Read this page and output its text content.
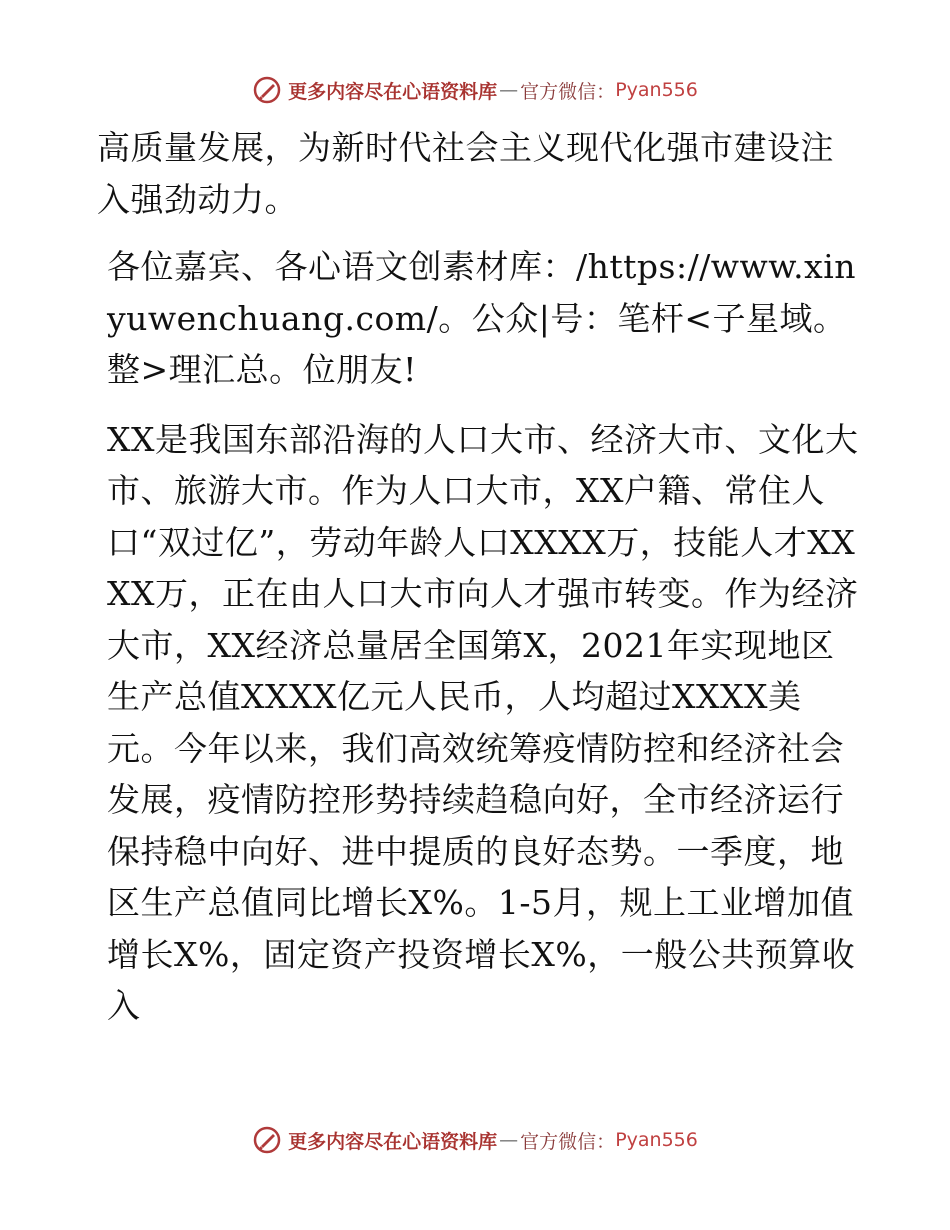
更多内容尽在心语资料库 — 官方微信： Pyan556

高质量发展，为新时代社会主义现代化强市建设注入强劲动力。

各位嘉宾、各心语文创素材库：/https://www.xinyuwenchuang.com/。公众|号：笔杆<子星域。整>理汇总。位朋友!

XX是我国东部沿海的人口大市、经济大市、文化大市、旅游大市。作为人口大市，XX户籍、常住人口“双过亿”，劳动年龄人口XXXX万，技能人才XXXX万，正在由人口大市向人才强市转变。作为经济大市，XX经济总量居全国第X，2021年实现地区生产总值XXXX亿元人民币，人均超过XXXX美元。今年以来，我们高效统筹疫情防控和经济社会发展，疫情防控形势持续趋稳向好，全市经济运行保持稳中向好、进中提质的良好态势。一季度，地区生产总值同比增长X%。1-5月，规上工业增加值增长X%，固定资产投资增长X%，一般公共预算收入

更多内容尽在心语资料库 — 官方微信： Pyan556
